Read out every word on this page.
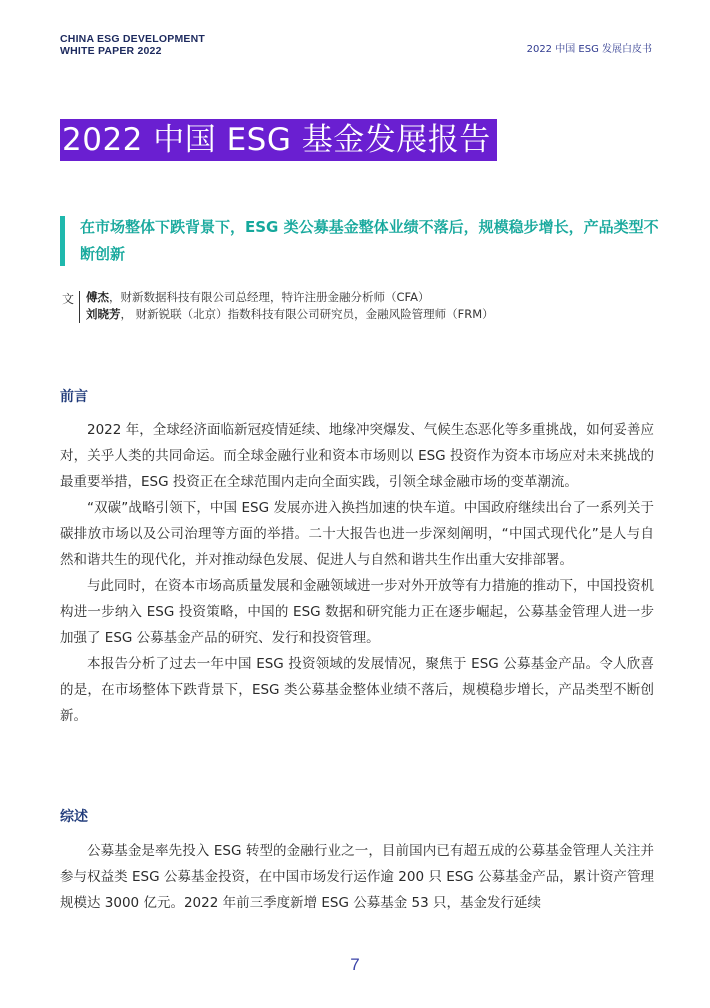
CHINA ESG DEVELOPMENT
WHITE PAPER 2022	2022 中国 ESG 发展白皮书
2022 中国 ESG 基金发展报告
在市场整体下跌背景下，ESG 类公募基金整体业绩不落后，规模稳步增长，产品类型不断创新
文 傅杰，财新数据科技有限公司总经理，特许注册金融分析师（CFA）
刘晓芳， 财新锐联（北京）指数科技有限公司研究员，金融风险管理师（FRM）
前言

2022 年，全球经济面临新冠疫情延续、地缘冲突爆发、气候生态恶化等多重挑战，如何妥善应对，关乎人类的共同命运。而全球金融行业和资本市场则以 ESG 投资作为资本市场应对未来挑战的最重要举措，ESG 投资正在全球范围内走向全面实践，引领全球金融市场的变革潮流。

“双碳”战略引领下，中国 ESG 发展亦进入换挡加速的快车道。中国政府继续出台了一系列关于碳排放市场以及公司治理等方面的举措。二十大报告也进一步深刻阐明，“中国式现代化”是人与自然和谐共生的现代化，并对推动绿色发展、促进人与自然和谐共生作出重大安排部署。

与此同时，在资本市场高质量发展和金融领域进一步对外开放等有力措施的推动下，中国投资机构进一步纳入 ESG 投资策略，中国的 ESG 数据和研究能力正在逐步崛起，公募基金管理人进一步加强了 ESG 公募基金产品的研究、发行和投资管理。

本报告分析了过去一年中国 ESG 投资领域的发展情况，聚焦于 ESG 公募基金产品。令人欣喜的是，在市场整体下跌背景下，ESG 类公募基金整体业绩不落后，规模稳步增长，产品类型不断创新。

综述

公募基金是率先投入 ESG 转型的金融行业之一，目前国内已有超五成的公募基金管理人关注并参与权益类 ESG 公募基金投资，在中国市场发行运作逾 200 只 ESG 公募基金产品，累计资产管理规模达 3000 亿元。2022 年前三季度新增 ESG 公募基金 53 只，基金发行延续

7
